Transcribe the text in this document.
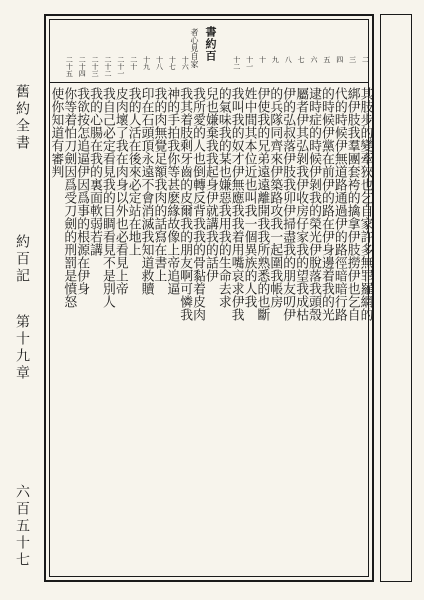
舊約全書
約百記
第十九章
六百五十七
書約百
者心見自家	二
三
四
五
六
七
八
九
十
十一
十二
十六
十七
十八
十九
二十
二十一
二十二
二十三
二十四
二十五
其肢步的變牽狹也乞自家許多無罪羅網的
綁伊肢我羣團套袴的擒拿伊肢撈伊也乞自
代的時候伊無道路通過伊的路徑暗暗行路
的時候伊黨在前伊的路在伊身邊着我的光
逮時症的時候伊剝我的榮光伊脫落我頭殼
屬者伊其弘剝我伊收房仔家我的望我成枯
伊的弘叔落伊肢我卯伊掃盡我的朋友叨伊
的兵隊同齊來伊築路攻我一起圍我帳房
伊使我的兄弟遠遠離開我我所熟悉的也斷
姓中間其本位近也叫我一個異族的人我
我叫我的奴才伊無應我我着用嘴哀求伊我
的氣味我的某也嫌惡我用我的生命去求
兒也嫌棄我我起身伊就講我的話伊
我所愛的人也倒轉反背我我的骨黏着皮肉
我其着肢剩牙齒的皮爾我的朋友啊可憐我
神的手拍我你等甚麽緣故像上帝追逼
我的肉無覺足額我肉的話寫在書上
印在石頭頂永遠不會消滅我知道救贖
我的人活在後來必定站在地上
皮肉壞了我在肉身以外也必看見上帝
我自己必定看見我的目睭看見不是別人
我的心腸在我的裏面軟弱若講
我欲按怎追逼伊因爲事的根源在伊身
你等着怕刀劍因爲受刀劍的刑罰是憤怒
使你知道有審判
